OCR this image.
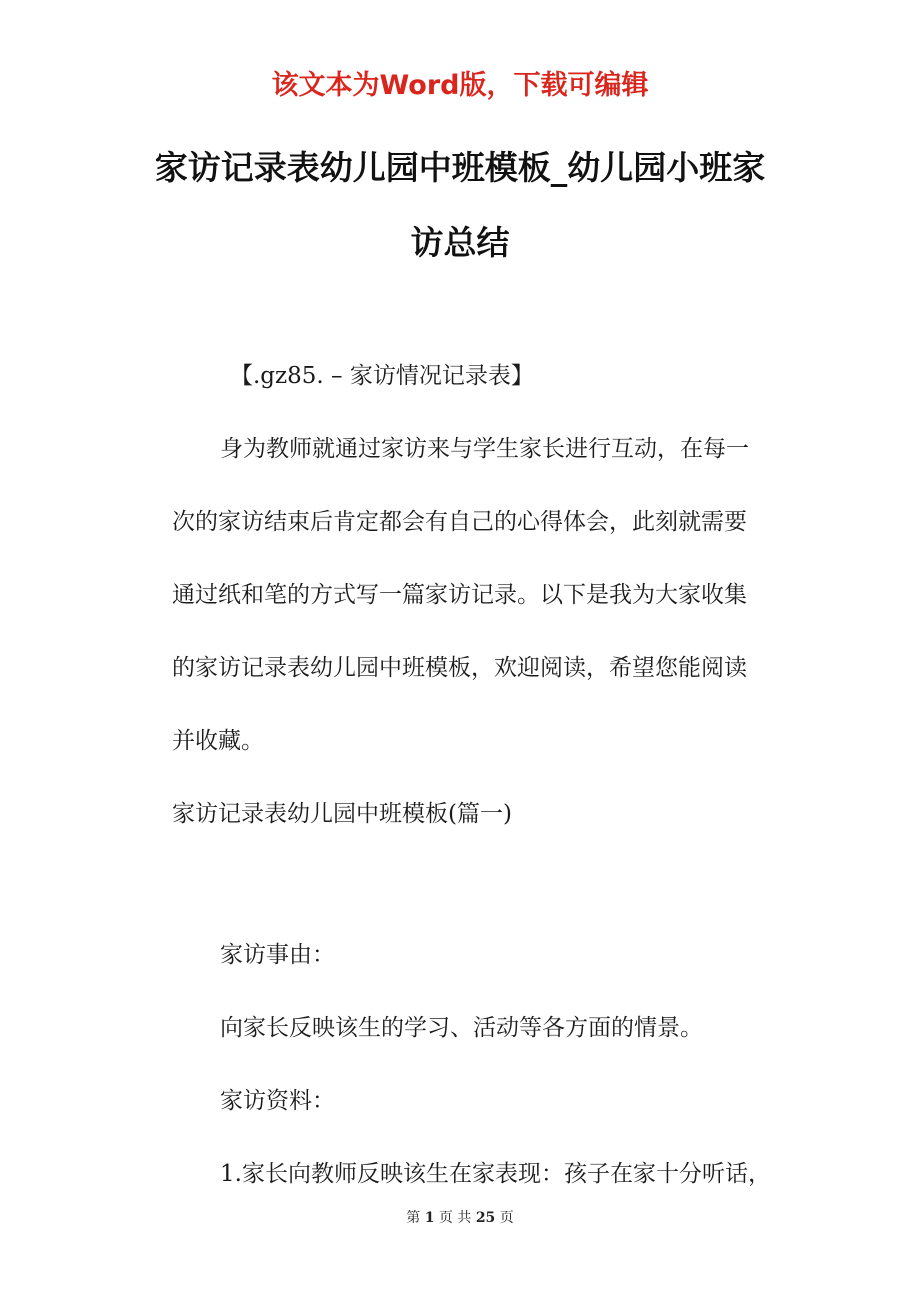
该文本为Word版，下载可编辑
家访记录表幼儿园中班模板_幼儿园小班家
访总结

【.gz85. – 家访情况记录表】

身为教师就通过家访来与学生家长进行互动，在每一

次的家访结束后肯定都会有自己的心得体会，此刻就需要

通过纸和笔的方式写一篇家访记录。以下是我为大家收集

的家访记录表幼儿园中班模板，欢迎阅读，希望您能阅读

并收藏。

家访记录表幼儿园中班模板(篇一)

家访事由：

向家长反映该生的学习、活动等各方面的情景。

家访资料：

1.家长向教师反映该生在家表现：孩子在家十分听话，

第 1 页 共 25 页
